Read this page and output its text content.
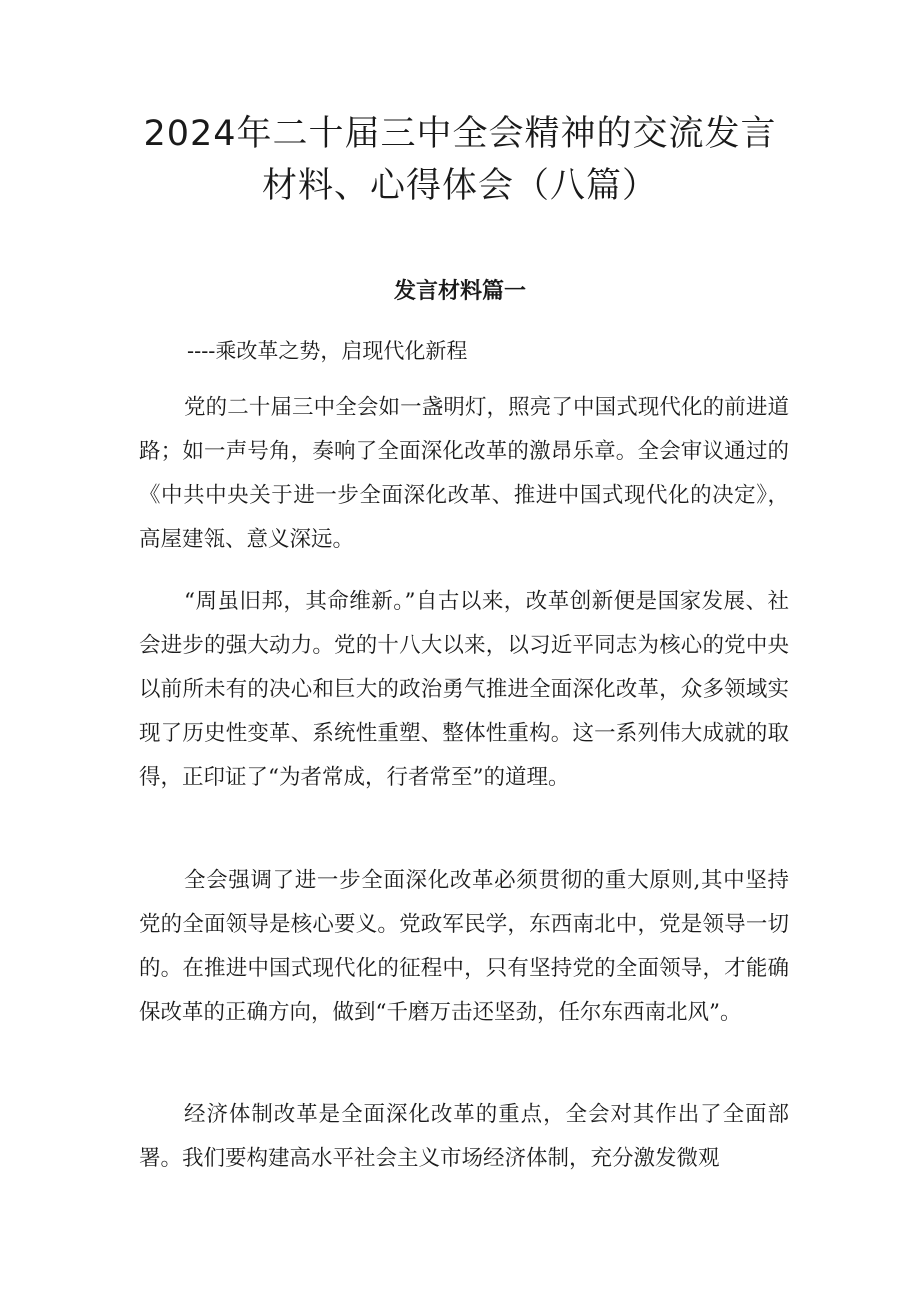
2024年二十届三中全会精神的交流发言材料、心得体会（八篇）
发言材料篇一

----乘改革之势，启现代化新程

党的二十届三中全会如一盏明灯，照亮了中国式现代化的前进道路；如一声号角，奏响了全面深化改革的激昂乐章。全会审议通过的《中共中央关于进一步全面深化改革、推进中国式现代化的决定》，高屋建瓴、意义深远。

“周虽旧邦，其命维新。”自古以来，改革创新便是国家发展、社会进步的强大动力。党的十八大以来，以习近平同志为核心的党中央以前所未有的决心和巨大的政治勇气推进全面深化改革，众多领域实现了历史性变革、系统性重塑、整体性重构。这一系列伟大成就的取得，正印证了“为者常成，行者常至”的道理。

全会强调了进一步全面深化改革必须贯彻的重大原则,其中坚持党的全面领导是核心要义。党政军民学，东西南北中，党是领导一切的。在推进中国式现代化的征程中，只有坚持党的全面领导，才能确保改革的正确方向，做到“千磨万击还坚劲，任尔东西南北风”。

经济体制改革是全面深化改革的重点，全会对其作出了全面部署。我们要构建高水平社会主义市场经济体制，充分激发微观
